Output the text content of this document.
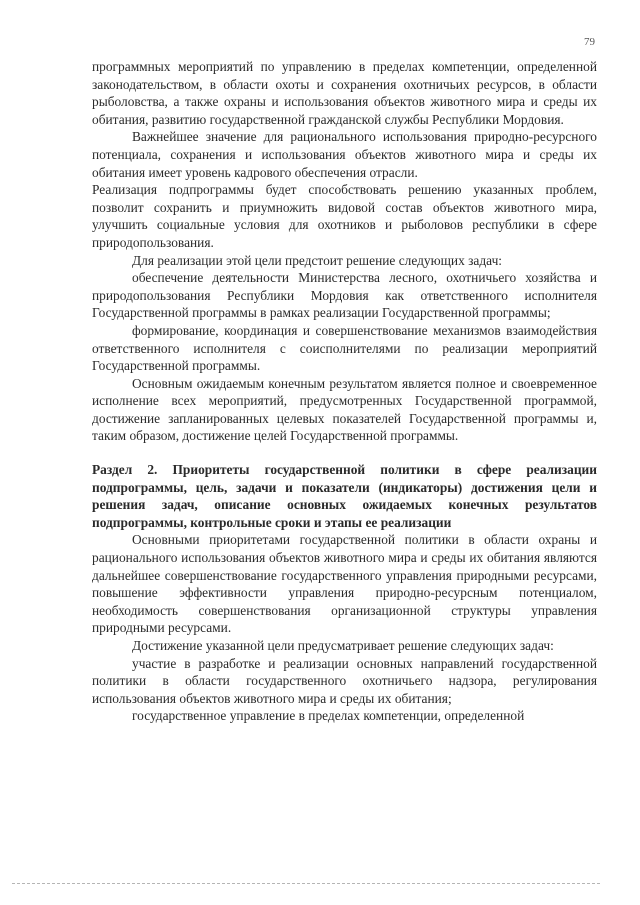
79

программных мероприятий по управлению в пределах компетенции, определенной законодательством, в области охоты и сохранения охотничьих ресурсов, в области рыболовства, а также охраны и использования объектов животного мира и среды их обитания, развитию государственной гражданской службы Республики Мордовия.

Важнейшее значение для рационального использования природно-ресурсного потенциала, сохранения и использования объектов животного мира и среды их обитания имеет уровень кадрового обеспечения отрасли.

Реализация подпрограммы будет способствовать решению указанных проблем, позволит сохранить и приумножить видовой состав объектов животного мира, улучшить социальные условия для охотников и рыболовов республики в сфере природопользования.

Для реализации этой цели предстоит решение следующих задач:

обеспечение деятельности Министерства лесного, охотничьего хозяйства и природопользования Республики Мордовия как ответственного исполнителя Государственной программы в рамках реализации Государственной программы;

формирование, координация и совершенствование механизмов взаимодействия ответственного исполнителя с соисполнителями по реализации мероприятий Государственной программы.

Основным ожидаемым конечным результатом является полное и своевременное исполнение всех мероприятий, предусмотренных Государственной программой, достижение запланированных целевых показателей Государственной программы и, таким образом, достижение целей Государственной программы.

Раздел 2. Приоритеты государственной политики в сфере реализации подпрограммы, цель, задачи и показатели (индикаторы) достижения цели и решения задач, описание основных ожидаемых конечных результатов подпрограммы, контрольные сроки и этапы ее реализации

Основными приоритетами государственной политики в области охраны и рационального использования объектов животного мира и среды их обитания являются дальнейшее совершенствование государственного управления природными ресурсами, повышение эффективности управления природно-ресурсным потенциалом, необходимость совершенствования организационной структуры управления природными ресурсами.

Достижение указанной цели предусматривает решение следующих задач:

участие в разработке и реализации основных направлений государственной политики в области государственного охотничьего надзора, регулирования использования объектов животного мира и среды их обитания;

государственное управление в пределах компетенции, определенной
